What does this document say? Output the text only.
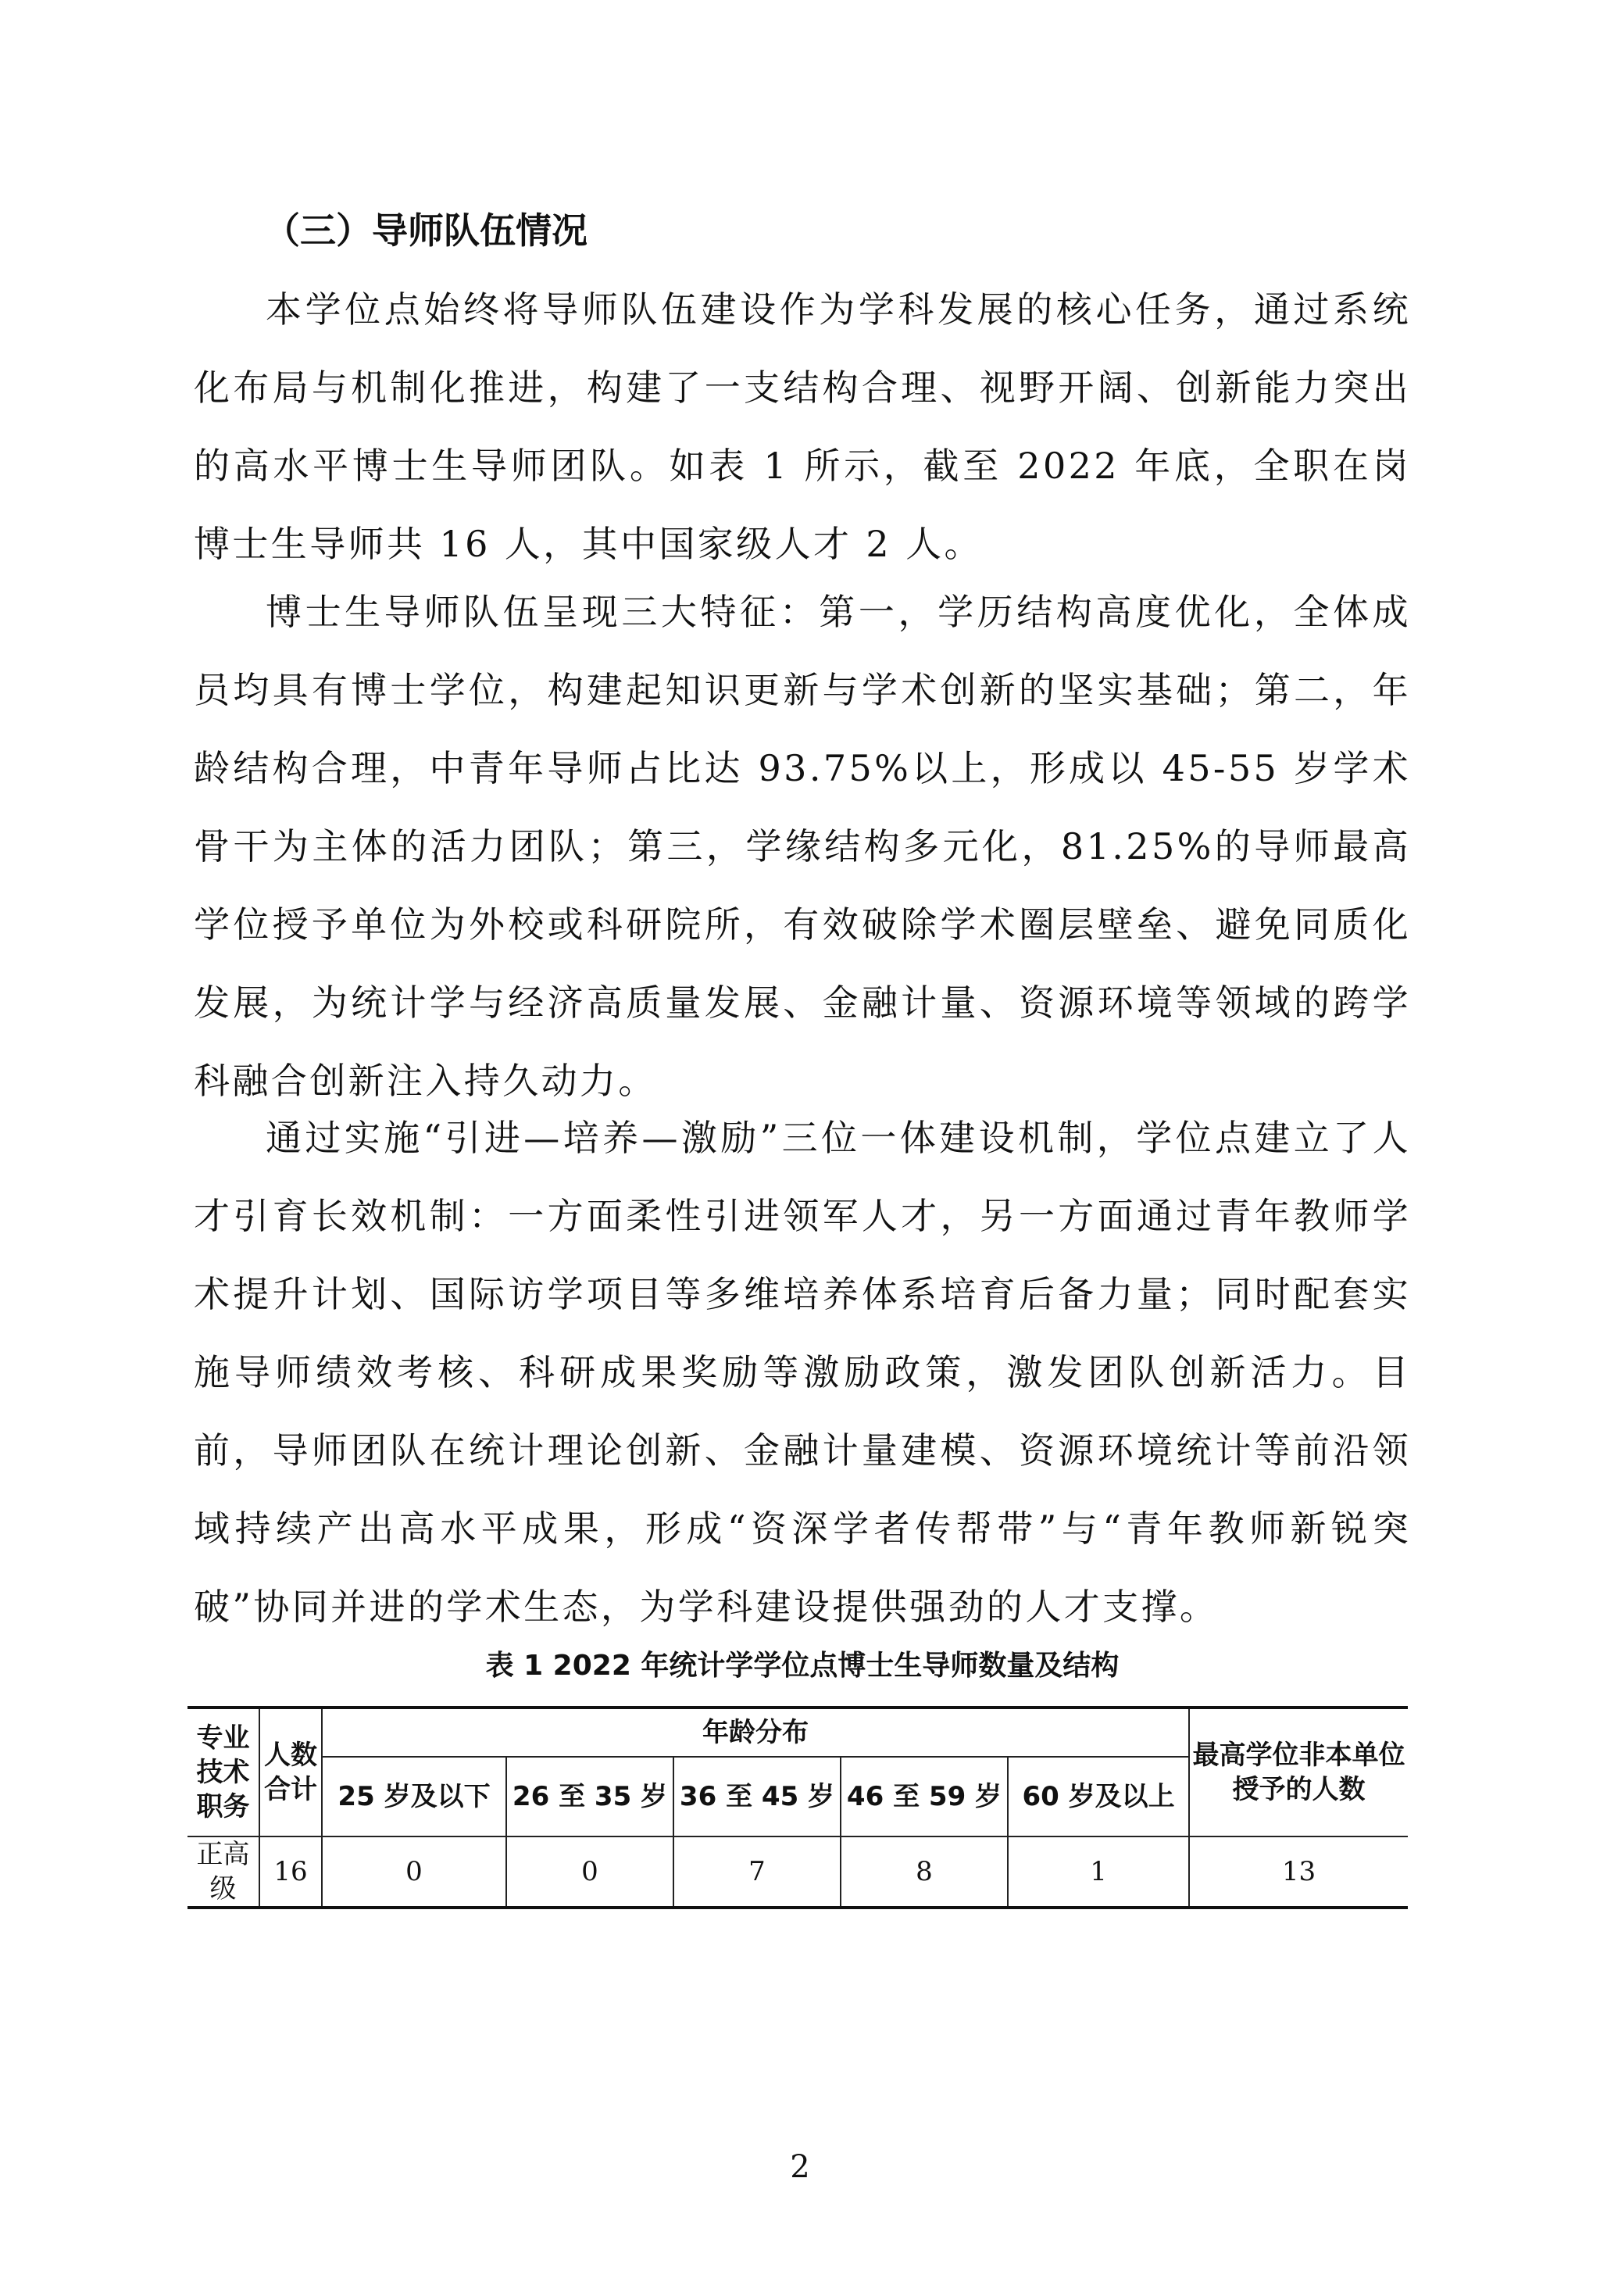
（三）导师队伍情况

本学位点始终将导师队伍建设作为学科发展的核心任务，通过系统化布局与机制化推进，构建了一支结构合理、视野开阔、创新能力突出的高水平博士生导师团队。如表 1 所示，截至 2022 年底，全职在岗博士生导师共 16 人，其中国家级人才 2 人。

博士生导师队伍呈现三大特征：第一，学历结构高度优化，全体成员均具有博士学位，构建起知识更新与学术创新的坚实基础；第二，年龄结构合理，中青年导师占比达 93.75%以上，形成以 45-55 岁学术骨干为主体的活力团队；第三，学缘结构多元化，81.25%的导师最高学位授予单位为外校或科研院所，有效破除学术圈层壁垒、避免同质化发展，为统计学与经济高质量发展、金融计量、资源环境等领域的跨学科融合创新注入持久动力。

通过实施“引进—培养—激励”三位一体建设机制，学位点建立了人才引育长效机制：一方面柔性引进领军人才，另一方面通过青年教师学术提升计划、国际访学项目等多维培养体系培育后备力量；同时配套实施导师绩效考核、科研成果奖励等激励政策，激发团队创新活力。目前，导师团队在统计理论创新、金融计量建模、资源环境统计等前沿领域持续产出高水平成果，形成“资深学者传帮带”与“青年教师新锐突破”协同并进的学术生态，为学科建设提供强劲的人才支撑。

表 1 2022 年统计学学位点博士生导师数量及结构
专业技术职务	人数合计	年龄分布					最高学位非本单位授予的人数
		25 岁及以下	26 至 35 岁	36 至 45 岁	46 至 59 岁	60 岁及以上	
正高级	16	0	0	7	8	1	13
2
